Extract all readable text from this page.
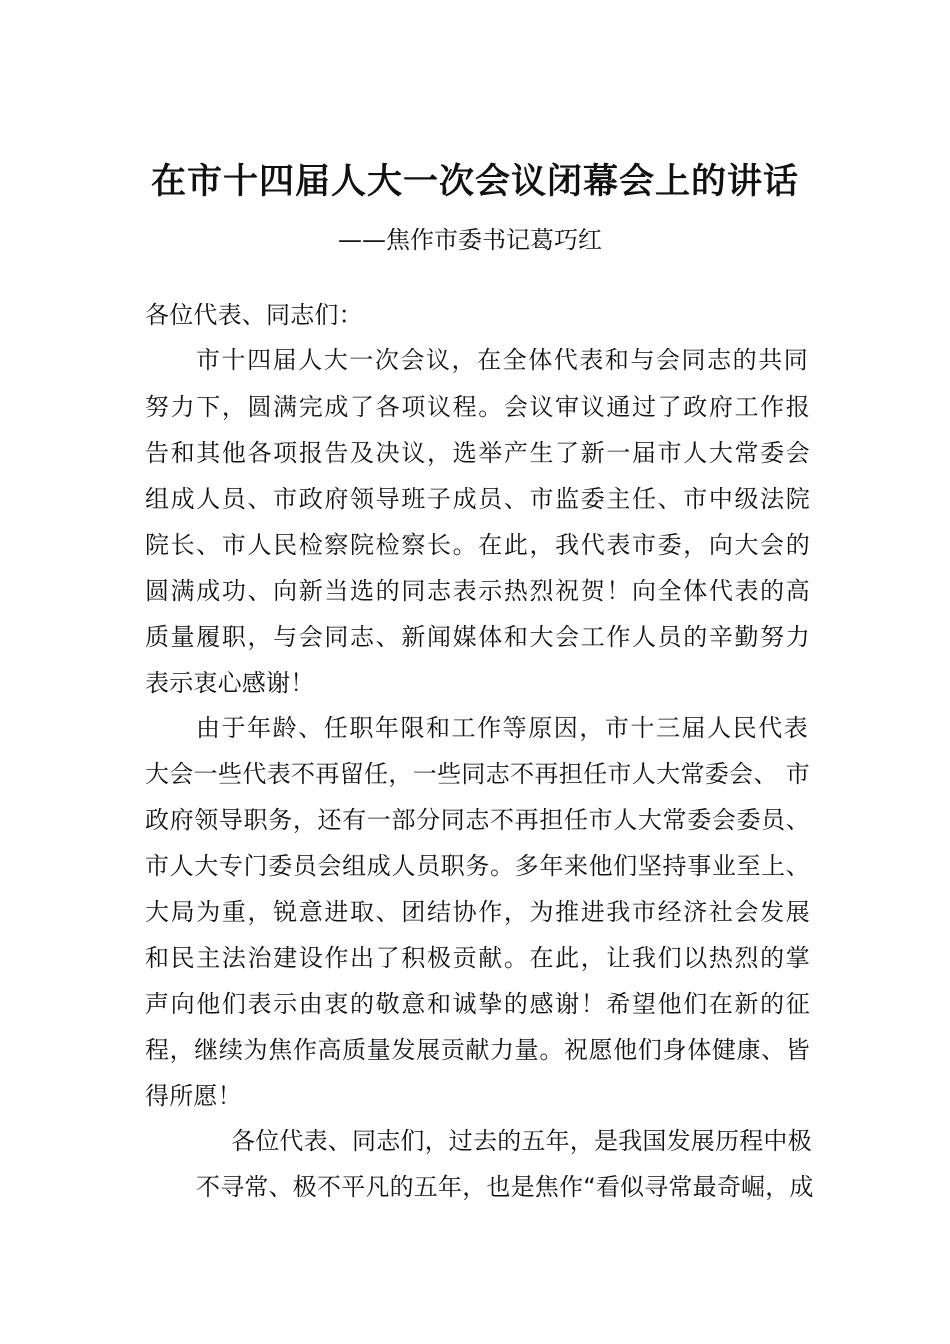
在市十四届人大一次会议闭幕会上的讲话
——焦作市委书记葛巧红
各位代表、同志们：
市十四届人大一次会议，在全体代表和与会同志的共同
努力下，圆满完成了各项议程。会议审议通过了政府工作报
告和其他各项报告及决议，选举产生了新一届市人大常委会
组成人员、市政府领导班子成员、市监委主任、市中级法院
院长、市人民检察院检察长。在此，我代表市委，向大会的
圆满成功、向新当选的同志表示热烈祝贺！向全体代表的高
质量履职，与会同志、新闻媒体和大会工作人员的辛勤努力
表示衷心感谢！
由于年龄、任职年限和工作等原因，市十三届人民代表
大会一些代表不再留任，一些同志不再担任市人大常委会、 市
政府领导职务，还有一部分同志不再担任市人大常委会委员、
市人大专门委员会组成人员职务。多年来他们坚持事业至上、
大局为重，锐意进取、团结协作，为推进我市经济社会发展
和民主法治建设作出了积极贡献。在此，让我们以热烈的掌
声向他们表示由衷的敬意和诚挚的感谢！希望他们在新的征
程，继续为焦作高质量发展贡献力量。祝愿他们身体健康、皆
得所愿！
各位代表、同志们，过去的五年，是我国发展历程中极
不寻常、极不平凡的五年，也是焦作“看似寻常最奇崛，成
